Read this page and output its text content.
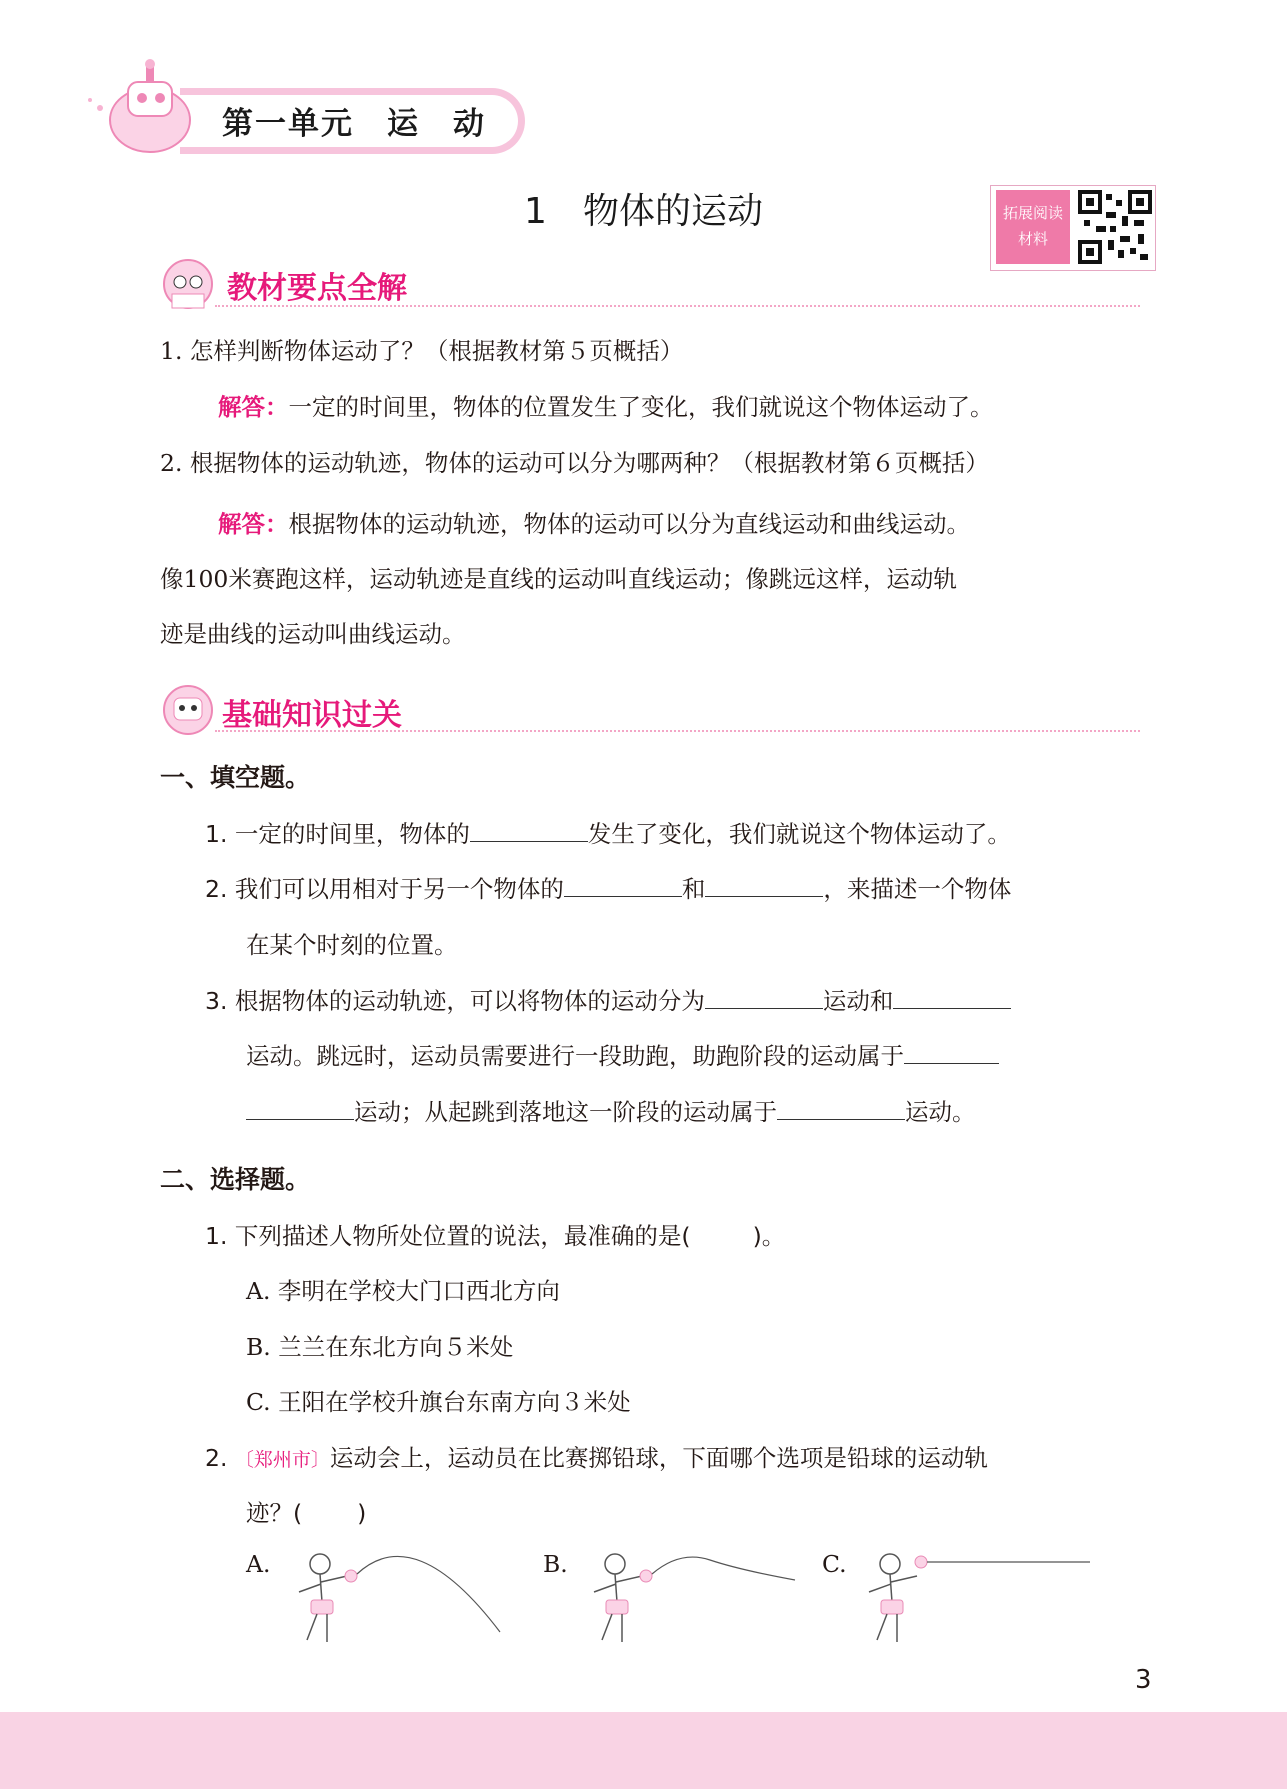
第一单元　运　动
1　物体的运动	拓展阅读
材料
教材要点全解
1. 怎样判断物体运动了？（根据教材第５页概括）
解答：一定的时间里，物体的位置发生了变化，我们就说这个物体运动了。
2. 根据物体的运动轨迹，物体的运动可以分为哪两种？（根据教材第６页概括）
解答：根据物体的运动轨迹，物体的运动可以分为直线运动和曲线运动。
像100米赛跑这样，运动轨迹是直线的运动叫直线运动；像跳远这样，运动轨
迹是曲线的运动叫曲线运动。
基础知识过关
一、填空题。
1. 一定的时间里，物体的	发生了变化，我们就说这个物体运动了。
2. 我们可以用相对于另一个物体的	和	，来描述一个物体
在某个时刻的位置。
3. 根据物体的运动轨迹，可以将物体的运动分为	运动和
运动。跳远时，运动员需要进行一段助跑，助跑阶段的运动属于
运动；从起跳到落地这一阶段的运动属于	运动。
二、选择题。
1. 下列描述人物所处位置的说法，最准确的是(	)。
A. 李明在学校大门口西北方向
B. 兰兰在东北方向５米处
C. 王阳在学校升旗台东南方向３米处
2. 〔郑州市〕运动会上，运动员在比赛掷铅球，下面哪个选项是铅球的运动轨
迹？( )
A.	B.	C.
3
